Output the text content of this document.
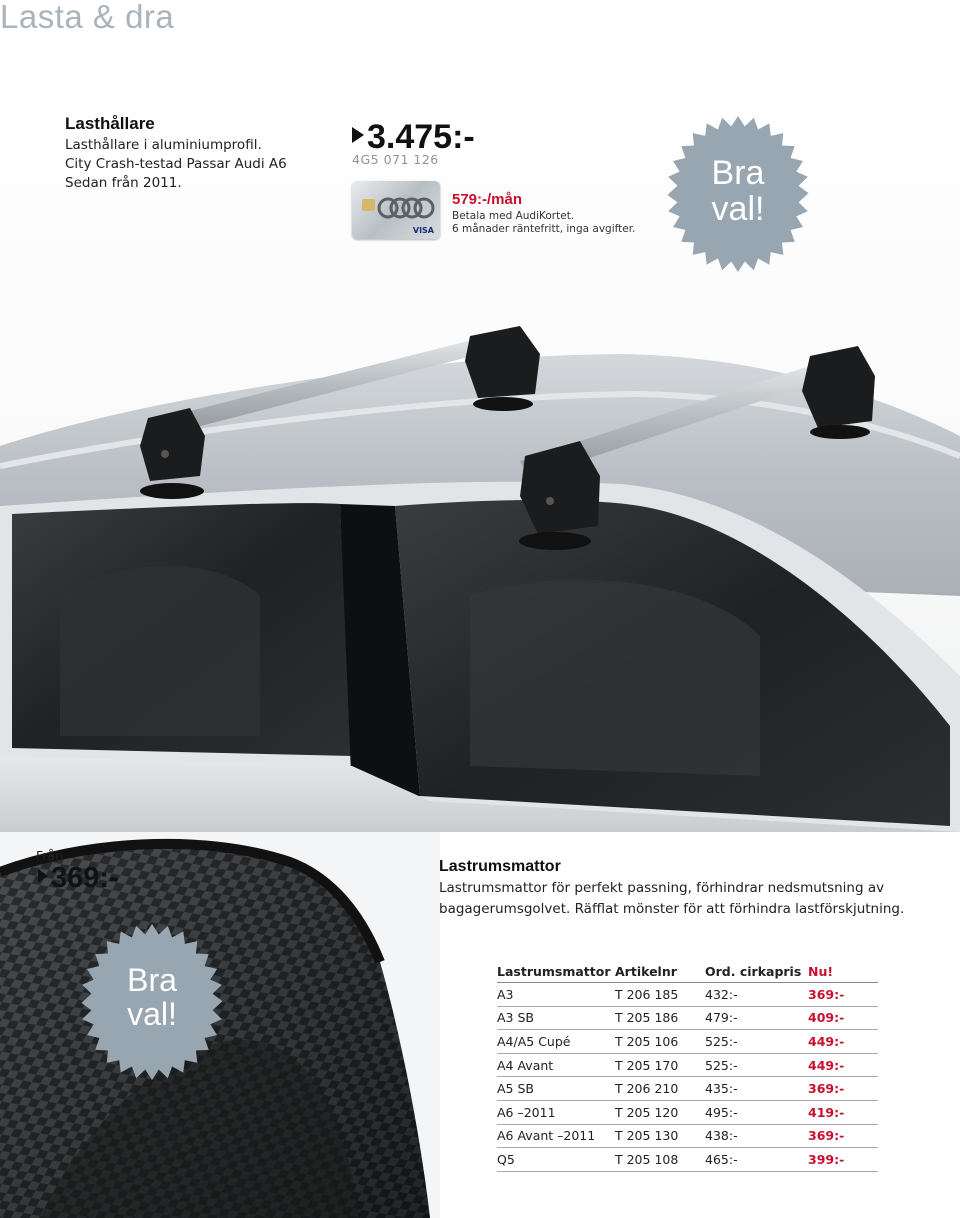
Lasta & dra
Bra
val!
Lasthållare
Lasthållare i aluminiumprofil.
City Crash-testad Passar Audi A6
Sedan från 2011.
3.475:-
4G5 071 126
VISA
579:-/mån
Betala med AudiKortet.
6 månader räntefritt, inga avgifter.
Bra
val!
Från
369:-	Lastrumsmattor
Lastrumsmattor för perfekt passning, förhindrar nedsmutsning av bagagerumsgolvet. Räfflat mönster för att förhindra lastförskjutning.
Lastrumsmattor	Artikelnr	Ord. cirkapris	Nu!
A3	T 206 185	432:-	369:-
A3 SB	T 205 186	479:-	409:-
A4/A5 Cupé	T 205 106	525:-	449:-
A4 Avant	T 205 170	525:-	449:-
A5 SB	T 206 210	435:-	369:-
A6 –2011	T 205 120	495:-	419:-
A6 Avant –2011	T 205 130	438:-	369:-
Q5	T 205 108	465:-	399:-
